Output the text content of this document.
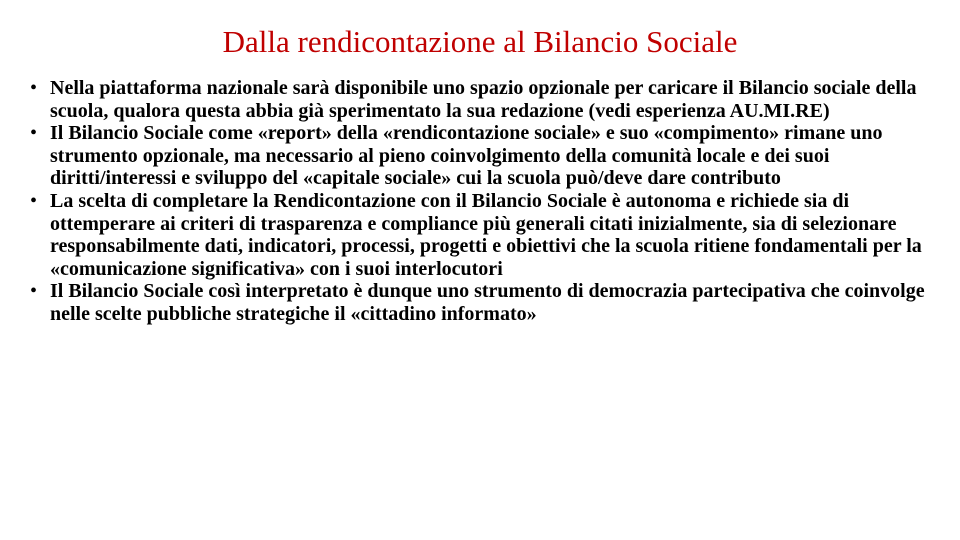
Dalla rendicontazione al Bilancio Sociale
• Nella piattaforma nazionale sarà disponibile uno spazio opzionale per caricare il Bilancio sociale della scuola, qualora questa abbia già sperimentato la sua redazione (vedi esperienza AU.MI.RE)
• Il Bilancio Sociale come «report» della «rendicontazione sociale» e suo «compimento» rimane uno strumento opzionale, ma necessario al pieno coinvolgimento della comunità locale e dei suoi diritti/interessi e sviluppo del «capitale sociale» cui la scuola può/deve dare contributo
• La scelta di completare la Rendicontazione con il Bilancio Sociale è autonoma e richiede sia di ottemperare ai criteri di trasparenza e compliance più generali citati inizialmente, sia di selezionare responsabilmente dati, indicatori, processi, progetti e obiettivi che la scuola ritiene fondamentali per la «comunicazione significativa» con i suoi interlocutori
• Il Bilancio Sociale così interpretato è dunque uno strumento di democrazia partecipativa che coinvolge nelle scelte pubbliche strategiche il «cittadino informato»
